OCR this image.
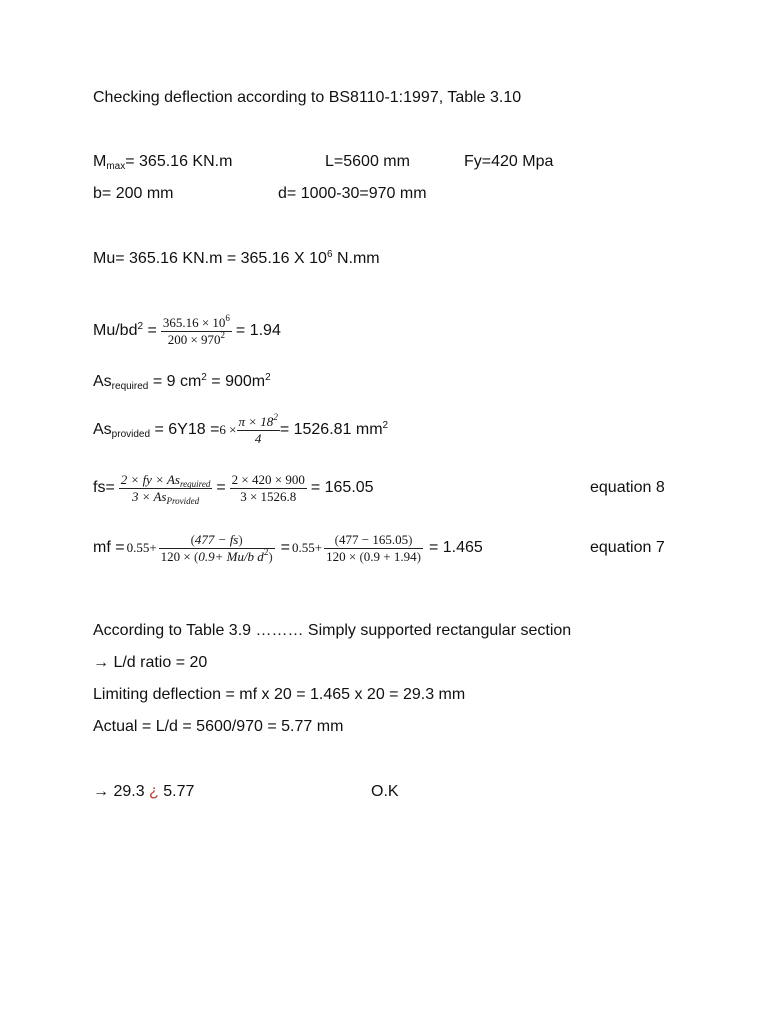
Checking deflection according to BS8110-1:1997, Table 3.10
$M_{max}= 365.16$ KN.m	L=5600 mm	Fy=420 Mpa
b= 200 mm	d= 1000-30=970 mm
Mu= 365.16 KN.m = 365.16 X $10^6$ N.mm
$Mu/bd^2 = \frac{365.16 \times 10^6}{200 \times 970^2} = 1.94$
$As_{required} = 9$ $cm^2 = 900m^2$
$As_{provided} = 6Y18 = 6 \times \frac{\pi \times 18^2}{4} = 1526.81$ $mm^2$
$fs= \frac{2 \times fy \times As_{required}}{3 \times As_{Provided}} = \frac{2 \times 420 \times 900}{3 \times 1526.8} = 165.05$	equation 8
mf = $0.55+ \frac{(477 - fs)}{120 \times (0.9+ Mu/b d^2)} = 0.55+ \frac{(477 - 165.05)}{120 \times (0.9 + 1.94)} = 1.465$	equation 7
According to Table 3.9 ……… Simply supported rectangular section
→ L/d ratio = 20
Limiting deflection = mf x 20 = 1.465 x 20 = 29.3 mm
Actual = L/d = 5600/970 = 5.77 mm
→ 29.3 ¿ 5.77	O.K
